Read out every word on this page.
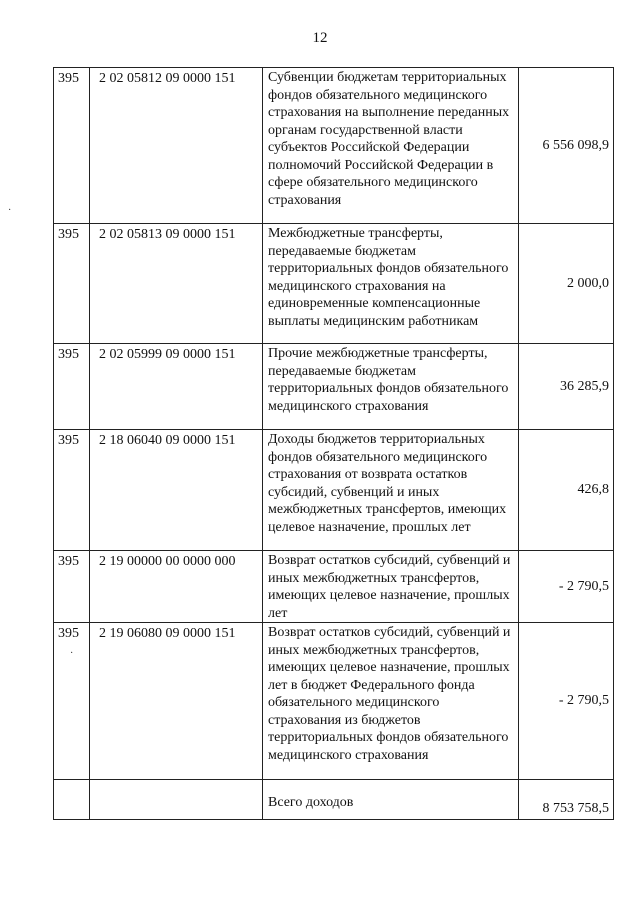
12
·
·
395	2 02 05812 09 0000 151	Субвенции бюджетам территориальных фондов обязательного медицинского страхования на выполнение переданных органам государственной власти субъектов Российской Федерации полномочий Российской Федерации в сфере обязательного медицинского страхования	6 556 098,9
395	2 02 05813 09 0000 151	Межбюджетные трансферты, передаваемые бюджетам территориальных фондов обязательного медицинского страхования на единовременные компенсационные выплаты медицинским работникам	2 000,0
395	2 02 05999 09 0000 151	Прочие межбюджетные трансферты, передаваемые бюджетам территориальных фондов обязательного медицинского страхования	36 285,9
395	2 18 06040 09 0000 151	Доходы бюджетов территориальных фондов обязательного медицинского страхования от возврата остатков субсидий, субвенций и иных межбюджетных трансфертов, имеющих целевое назначение, прошлых лет	426,8
395	2 19 00000 00 0000 000	Возврат остатков субсидий, субвенций и иных межбюджетных трансфертов, имеющих целевое назначение, прошлых лет	- 2 790,5
395	2 19 06080 09 0000 151	Возврат остатков субсидий, субвенций и иных межбюджетных трансфертов, имеющих целевое назначение, прошлых лет в бюджет Федерального фонда обязательного медицинского страхования из бюджетов территориальных фондов обязательного медицинского страхования	- 2 790,5
		Всего доходов	8 753 758,5
